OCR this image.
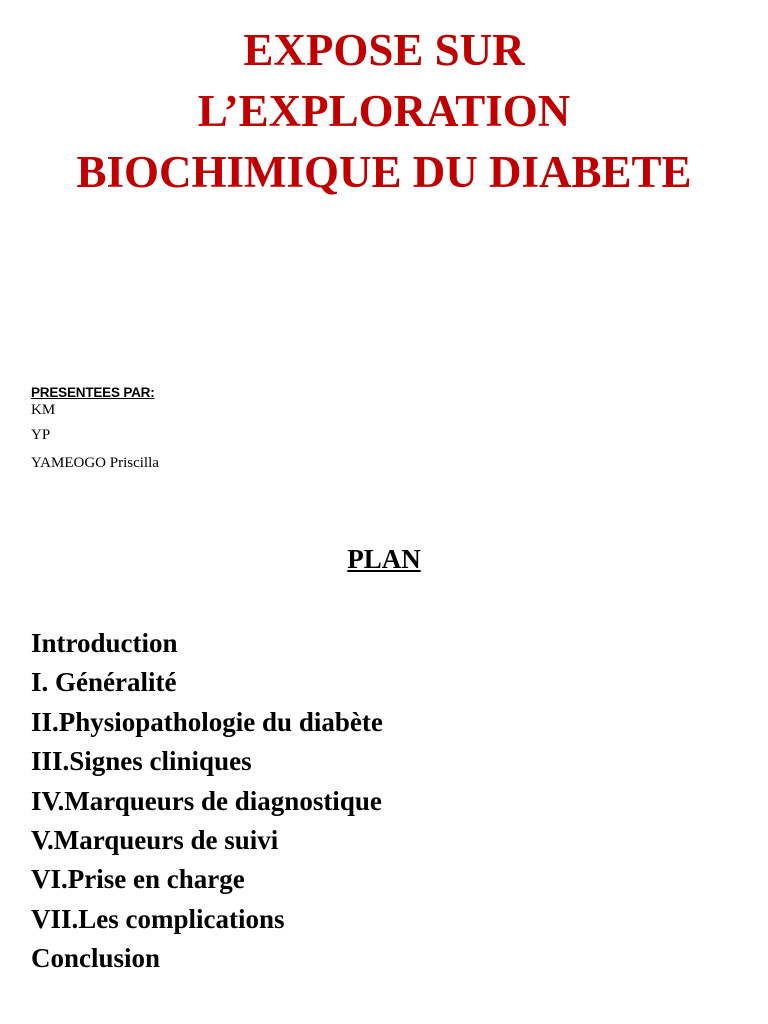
EXPOSE SUR
L’EXPLORATION
BIOCHIMIQUE DU DIABETE
PRESENTEES PAR:
KM
YP
YAMEOGO Priscilla
PLAN
Introduction
I. Généralité
II.Physiopathologie du diabète
III.Signes cliniques
IV.Marqueurs de diagnostique
V.Marqueurs de suivi
VI.Prise en charge
VII.Les complications
Conclusion
